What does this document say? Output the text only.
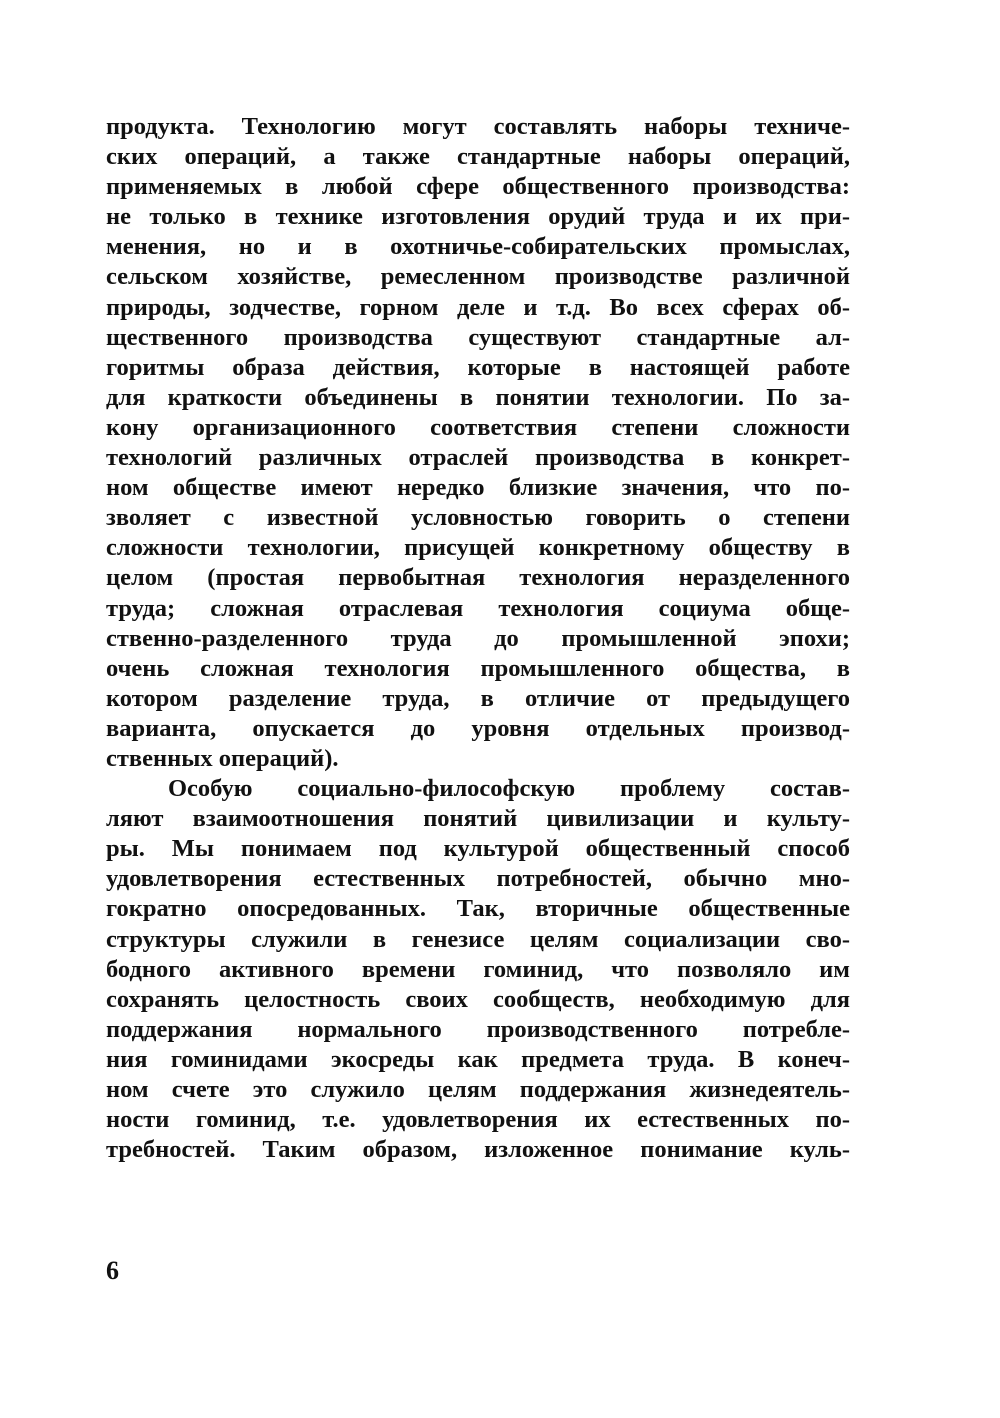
продукта. Технологию могут составлять наборы техниче-
ских операций, а также стандартные наборы операций,
применяемых в любой сфере общественного производства:
не только в технике изготовления орудий труда и их при-
менения, но и в охотничье-собирательских промыслах,
сельском хозяйстве, ремесленном производстве различной
природы, зодчестве, горном деле и т.д. Во всех сферах об-
щественного производства существуют стандартные ал-
горитмы образа действия, которые в настоящей работе
для краткости объединены в понятии технологии. По за-
кону организационного соответствия степени сложности
технологий различных отраслей производства в конкрет-
ном обществе имеют нередко близкие значения, что по-
зволяет с известной условностью говорить о степени
сложности технологии, присущей конкретному обществу в
целом (простая первобытная технология неразделенного
труда; сложная отраслевая технология социума обще-
ственно-разделенного труда до промышленной эпохи;
очень сложная технология промышленного общества, в
котором разделение труда, в отличие от предыдущего
варианта, опускается до уровня отдельных производ-
ственных операций).
Особую социально-философскую проблему состав-
ляют взаимоотношения понятий цивилизации и культу-
ры. Мы понимаем под культурой общественный способ
удовлетворения естественных потребностей, обычно мно-
гократно опосредованных. Так, вторичные общественные
структуры служили в генезисе целям социализации сво-
бодного активного времени гоминид, что позволяло им
сохранять целостность своих сообществ, необходимую для
поддержания нормального производственного потребле-
ния гоминидами экосреды как предмета труда. В конеч-
ном счете это служило целям поддержания жизнедеятель-
ности гоминид, т.е. удовлетворения их естественных по-
требностей. Таким образом, изложенное понимание куль-
6
